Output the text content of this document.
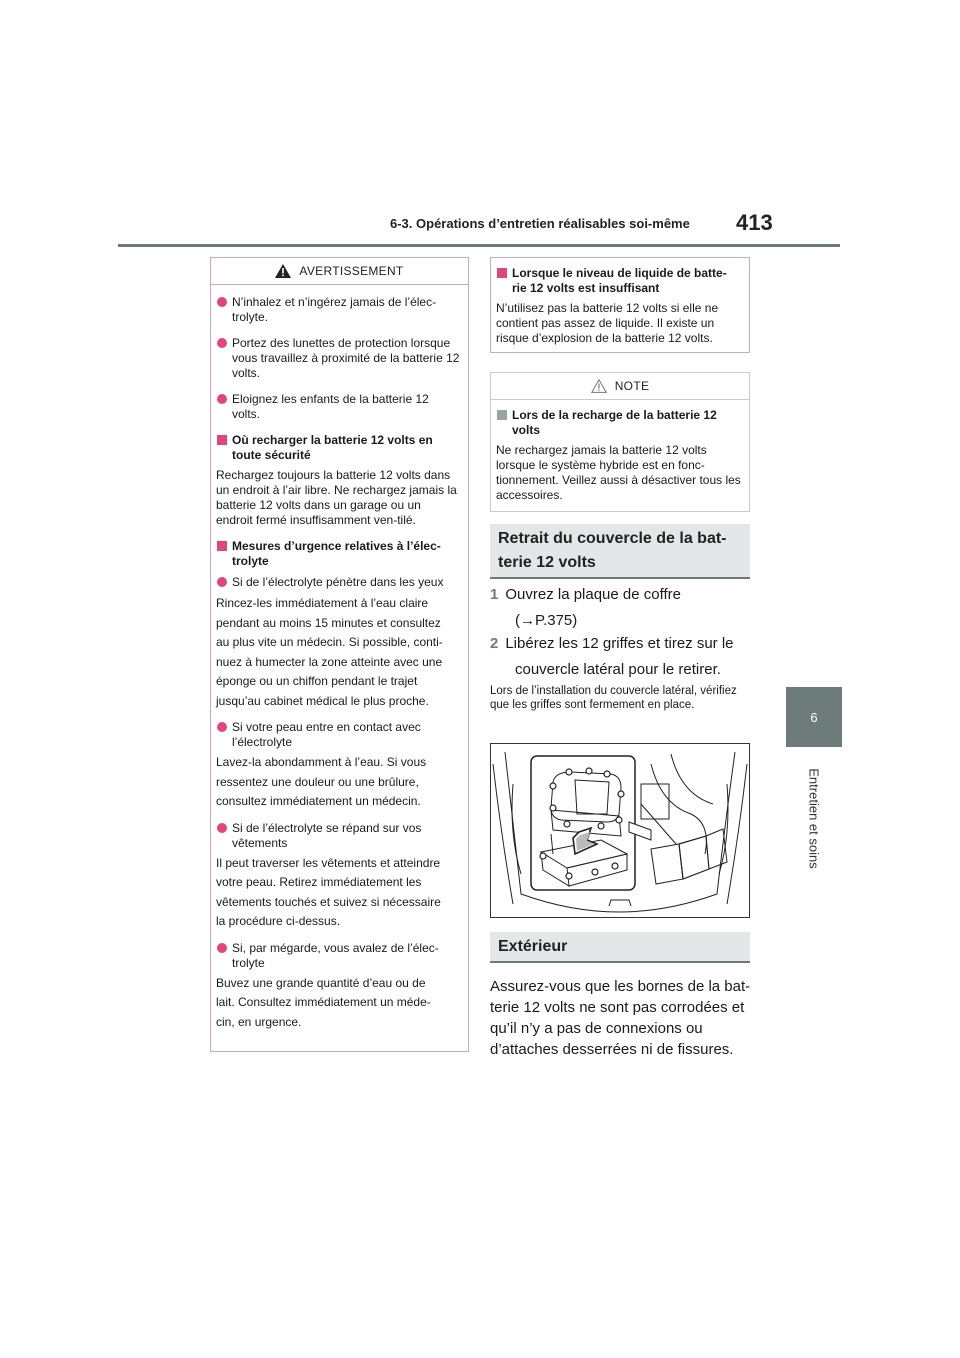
6-3. Opérations d’entretien réalisables soi-même 413
6
Entretien et soins
AVERTISSEMENT

N’inhalez et n’ingérez jamais de l’élec-trolyte.

Portez des lunettes de protection lorsque vous travaillez à proximité de la batterie 12 volts.

Eloignez les enfants de la batterie 12 volts.

Où recharger la batterie 12 volts en toute sécurité

Rechargez toujours la batterie 12 volts dans un endroit à l’air libre. Ne rechargez jamais la batterie 12 volts dans un garage ou un endroit fermé insuffisamment ven-tilé.

Mesures d’urgence relatives à l’élec-trolyte

Si de l’électrolyte pénètre dans les yeux

Rincez-les immédiatement à l’eau claire
pendant au moins 15 minutes et consultez
au plus vite un médecin. Si possible, conti-
nuez à humecter la zone atteinte avec une
éponge ou un chiffon pendant le trajet
jusqu’au cabinet médical le plus proche.

Si votre peau entre en contact avec l’électrolyte

Lavez-la abondamment à l’eau. Si vous
ressentez une douleur ou une brûlure,
consultez immédiatement un médecin.

Si de l’électrolyte se répand sur vos vêtements

Il peut traverser les vêtements et atteindre
votre peau. Retirez immédiatement les
vêtements touchés et suivez si nécessaire
la procédure ci-dessus.

Si, par mégarde, vous avalez de l’élec-trolyte

Buvez une grande quantité d’eau ou de
lait. Consultez immédiatement un méde-
cin, en urgence.

Lorsque le niveau de liquide de batte-rie 12 volts est insuffisant

N’utilisez pas la batterie 12 volts si elle ne contient pas assez de liquide. Il existe un risque d’explosion de la batterie 12 volts.

NOTE

Lors de la recharge de la batterie 12 volts

Ne rechargez jamais la batterie 12 volts lorsque le système hybride est en fonc-tionnement. Veillez aussi à désactiver tous les accessoires.

Retrait du couvercle de la bat-
terie 12 volts
1 Ouvrez la plaque de coffre
(→P.375)
2 Libérez les 12 griffes et tirez sur le
couvercle latéral pour le retirer.
Lors de l’installation du couvercle latéral, vérifiez que les griffes sont fermement en place.
Extérieur
Assurez-vous que les bornes de la bat-
terie 12 volts ne sont pas corrodées et
qu’il n’y a pas de connexions ou
d’attaches desserrées ni de fissures.
